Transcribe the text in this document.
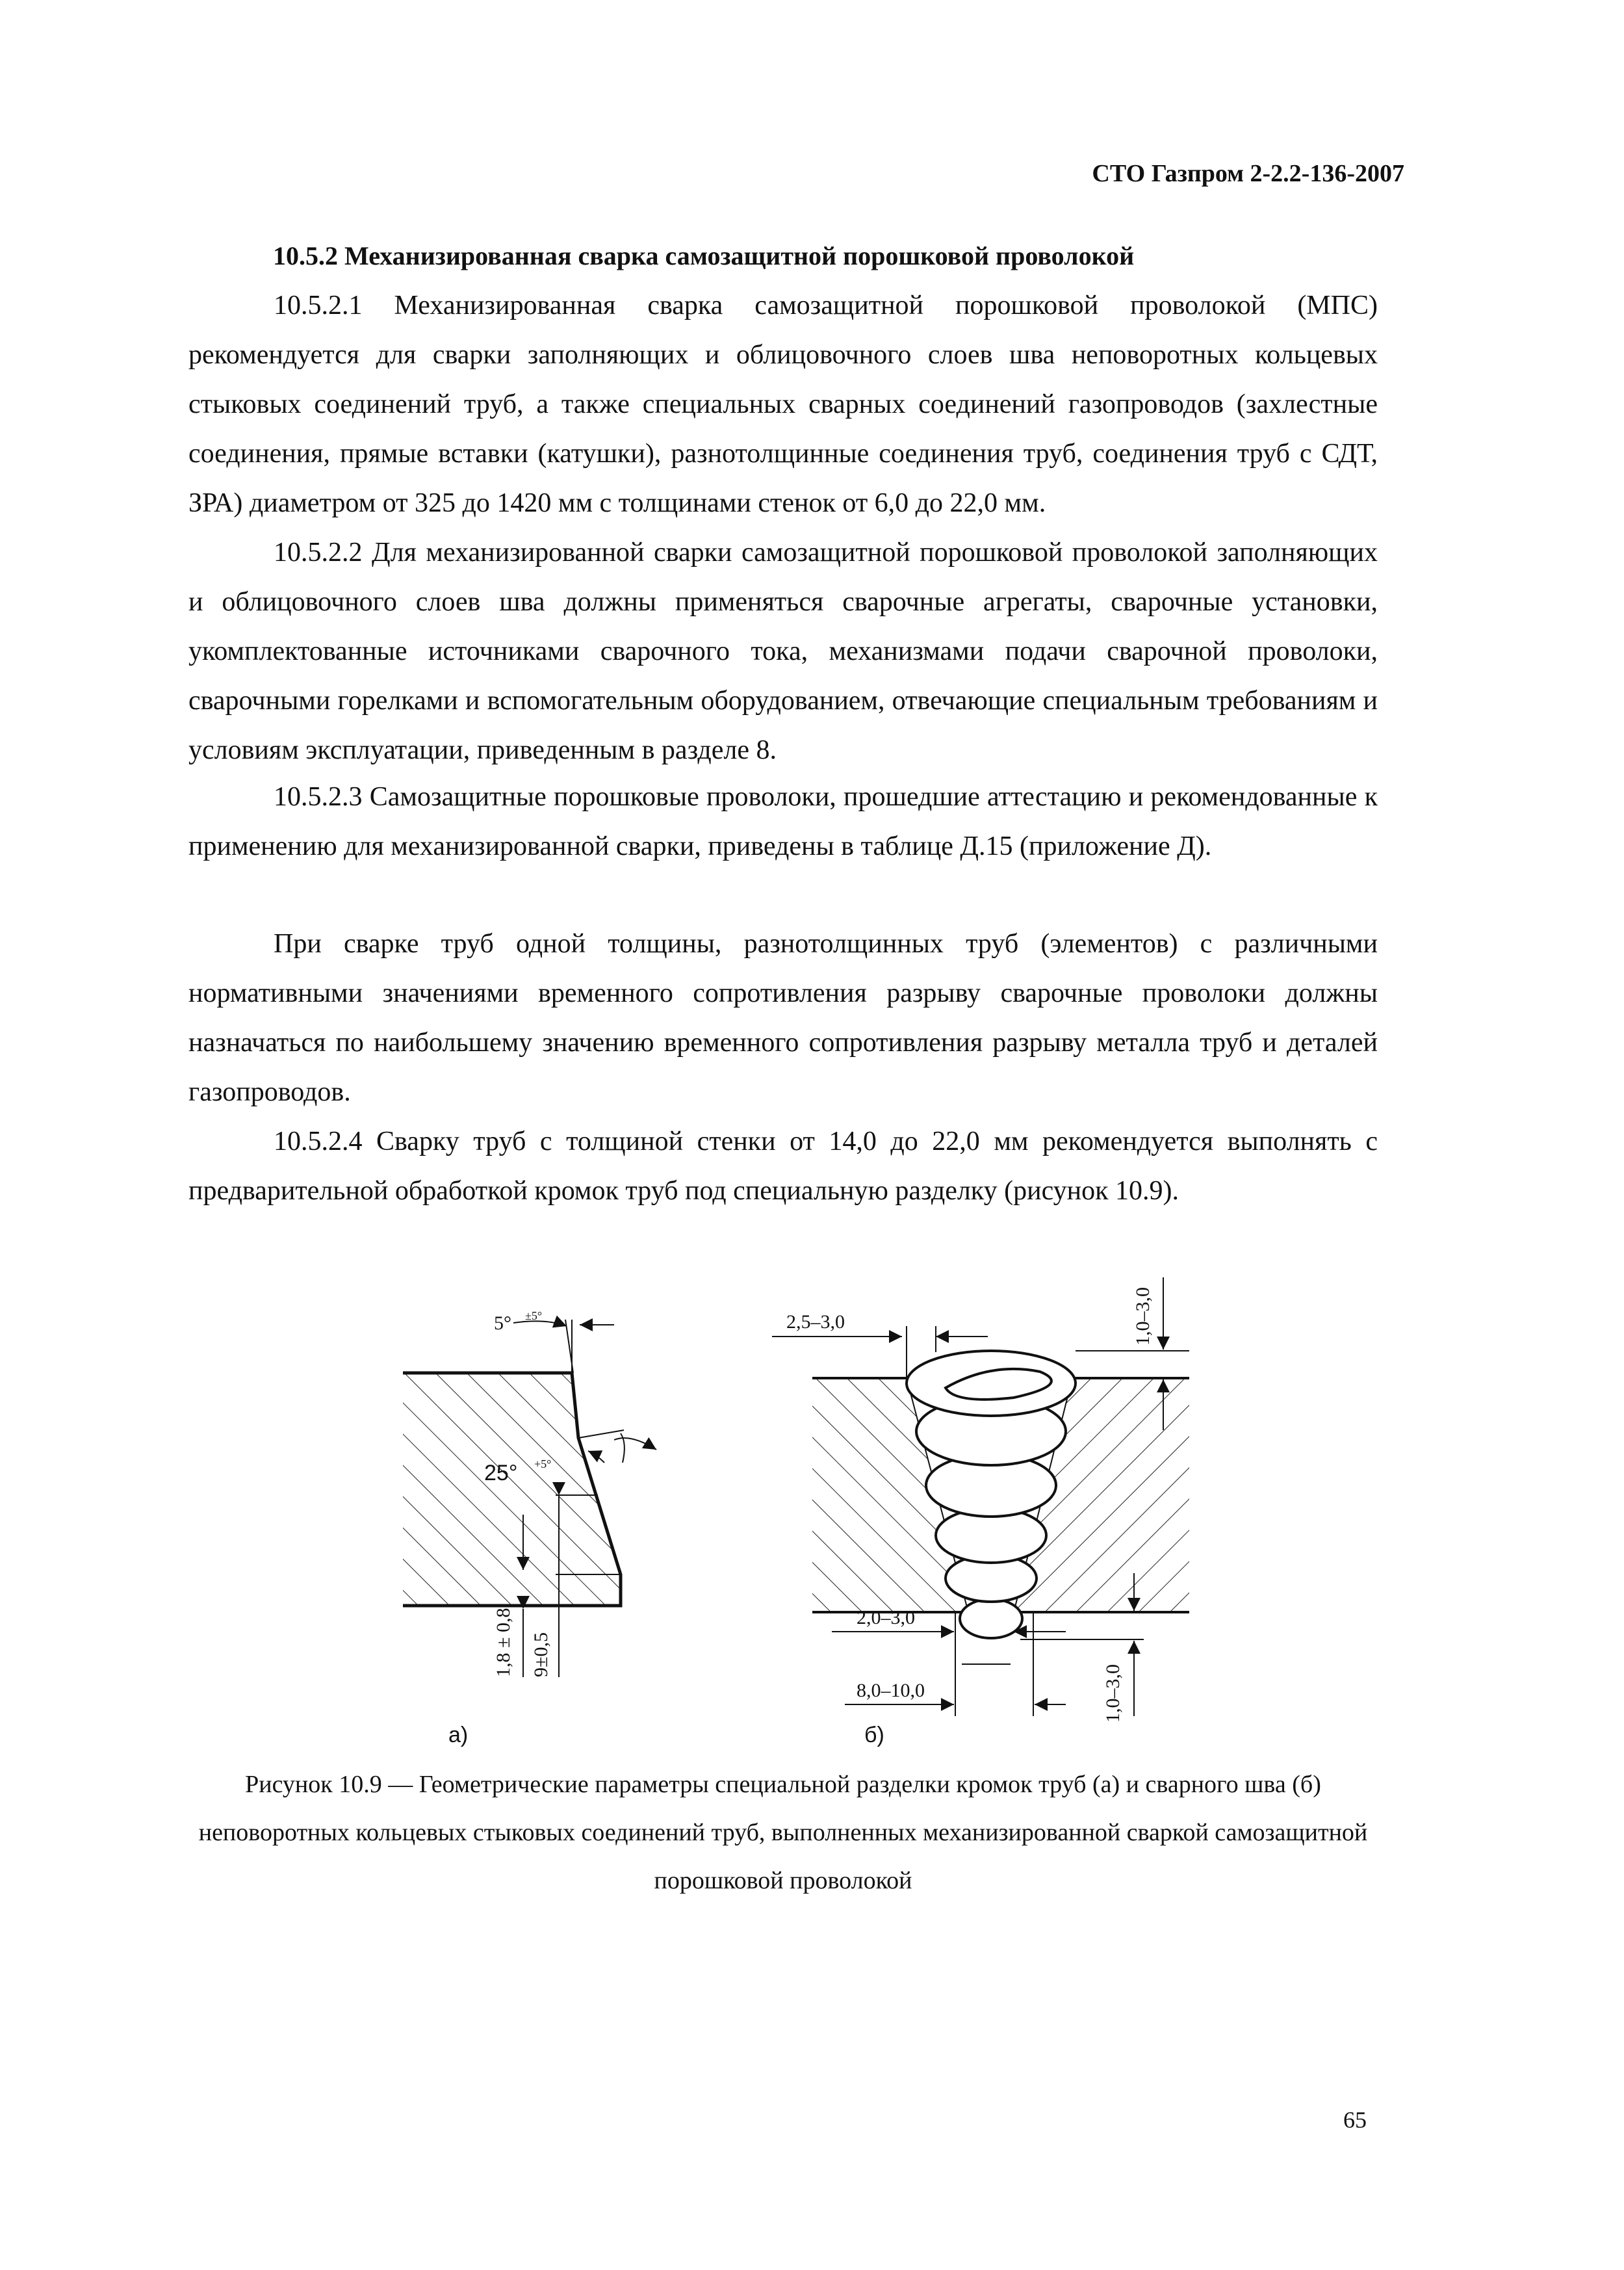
СТО Газпром 2-2.2-136-2007
10.5.2 Механизированная сварка самозащитной порошковой проволокой
10.5.2.1 Механизированная сварка самозащитной порошковой проволокой (МПС) рекомендуется для сварки заполняющих и облицовочного слоев шва неповоротных кольцевых стыковых соединений труб, а также специальных сварных соединений газопроводов (захлестные соединения, прямые вставки (катушки), разнотолщинные соединения труб, соединения труб с СДТ, ЗРА) диаметром от 325 до 1420 мм с толщинами стенок от 6,0 до 22,0 мм.
10.5.2.2 Для механизированной сварки самозащитной порошковой проволокой заполняющих и облицовочного слоев шва должны применяться сварочные агрегаты, сварочные установки, укомплектованные источниками сварочного тока, механизмами подачи сварочной проволоки, сварочными горелками и вспомогательным оборудованием, отвечающие специальным требованиям и условиям эксплуатации, приведенным в разделе 8.
10.5.2.3 Самозащитные порошковые проволоки, прошедшие аттестацию и рекомендованные к применению для механизированной сварки, приведены в таблице Д.15 (приложение Д).
При сварке труб одной толщины, разнотолщинных труб (элементов) с различными нормативными значениями временного сопротивления разрыву сварочные проволоки должны назначаться по наибольшему значению временного сопротивления разрыву металла труб и деталей газопроводов.
10.5.2.4 Сварку труб с толщиной стенки от 14,0 до 22,0 мм рекомендуется выполнять с предварительной обработкой кромок труб под специальную разделку (рисунок 10.9).
5° ±5°
25° +5°
1,8 ± 0,8 9±0,5
а)
2,5–3,0	1,0–3,0
2,0–3,0
8,0–10,0	1,0–3,0
б)
Рисунок 10.9 — Геометрические параметры специальной разделки кромок труб (а) и сварного шва (б) неповоротных кольцевых стыковых соединений труб, выполненных механизированной сваркой самозащитной порошковой проволокой
65
